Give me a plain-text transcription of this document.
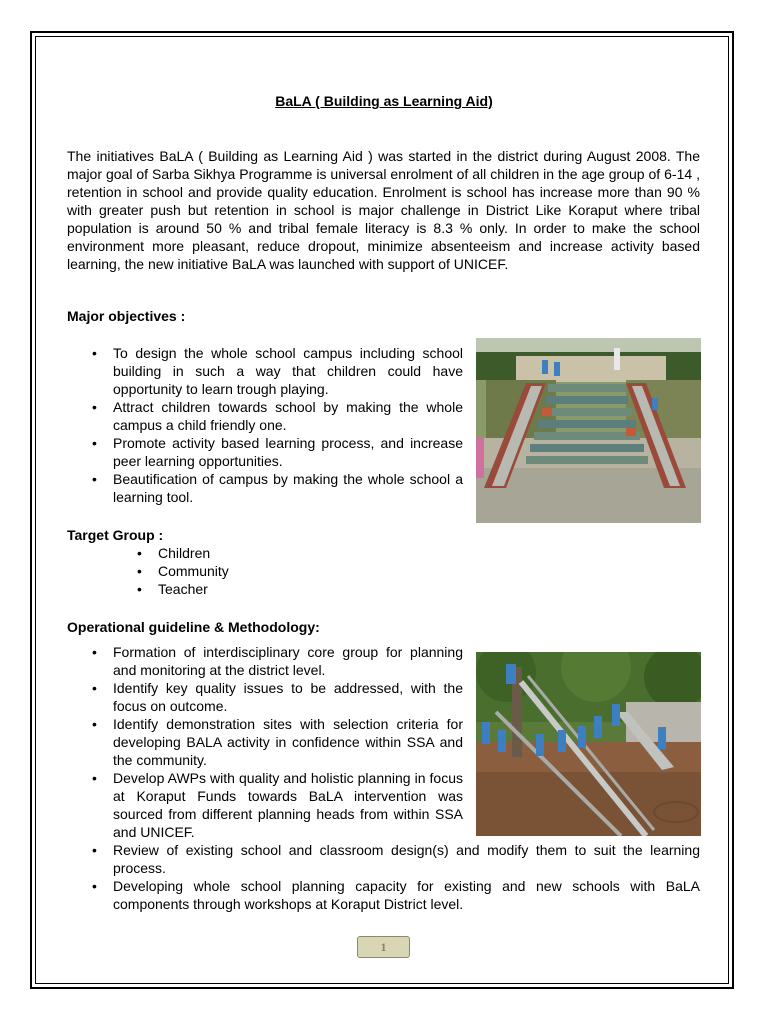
BaLA ( Building as Learning Aid)
The initiatives BaLA ( Building as Learning Aid ) was started in the district during August 2008. The major goal of Sarba Sikhya Programme is universal enrolment of all children in the age group of 6-14 , retention in school and provide quality education. Enrolment is school has increase more than 90 % with greater push but retention in school is major challenge in District Like Koraput where tribal population is around 50 % and tribal female literacy is 8.3 % only. In order to make the school environment more pleasant, reduce dropout, minimize absenteeism and increase activity based learning, the new initiative BaLA was launched with support of UNICEF.
Major objectives :
• To design the whole school campus including school building in such a way that children could have opportunity to learn trough playing.
• Attract children towards school by making the whole campus a child friendly one.
• Promote activity based learning process, and increase peer learning opportunities.
• Beautification of campus by making the whole school a learning tool.
Target Group :
• Children
• Community
• Teacher
Operational guideline & Methodology:
• Formation of interdisciplinary core group for planning and monitoring at the district level.
• Identify key quality issues to be addressed, with the focus on outcome.
• Identify demonstration sites with selection criteria for developing BALA activity in confidence within SSA and the community.
• Develop AWPs with quality and holistic planning in focus at Koraput Funds towards BaLA intervention was sourced from different planning heads from within SSA and UNICEF.
• Review of existing school and classroom design(s) and modify them to suit the learning process.
• Developing whole school planning capacity for existing and new schools with BaLA components through workshops at Koraput District level.
1
